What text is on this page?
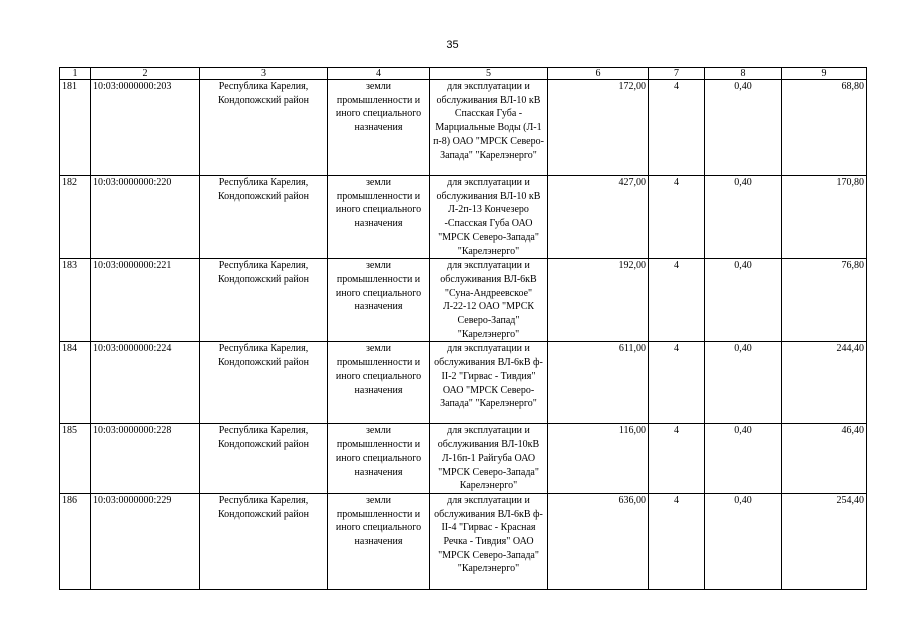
35
1	2	3	4	5	6	7	8	9
181	10:03:0000000:203	Республика Карелия, Кондопожский район	земли промышленности и иного специального назначения	для эксплуатации и обслуживания ВЛ-10 кВ Спасская Губа - Марциальные Воды (Л-1 п-8) ОАО "МРСК Северо-Запада" "Карелэнерго"	172,00	4	0,40	68,80
182	10:03:0000000:220	Республика Карелия, Кондопожский район	земли промышленности и иного специального назначения	для эксплуатации и обслуживания ВЛ-10 кВ Л-2п-13 Кончезеро -Спасская Губа ОАО "МРСК Северо-Запада" "Карелэнерго"	427,00	4	0,40	170,80
183	10:03:0000000:221	Республика Карелия, Кондопожский район	земли промышленности и иного специального назначения	для эксплуатации и обслуживания ВЛ-6кВ "Суна-Андреевское" Л-22-12 ОАО "МРСК Северо-Запад" "Карелэнерго"	192,00	4	0,40	76,80
184	10:03:0000000:224	Республика Карелия, Кондопожский район	земли промышленности и иного специального назначения	для эксплуатации и обслуживания ВЛ-6кВ ф-II-2 "Гирвас - Тивдия" ОАО "МРСК Северо-Запада" "Карелэнерго"	611,00	4	0,40	244,40
185	10:03:0000000:228	Республика Карелия, Кондопожский район	земли промышленности и иного специального назначения	для эксплуатации и обслуживания ВЛ-10кВ Л-16п-1 Райгуба ОАО "МРСК Северо-Запада" Карелэнерго"	116,00	4	0,40	46,40
186	10:03:0000000:229	Республика Карелия, Кондопожский район	земли промышленности и иного специального назначения	для эксплуатации и обслуживания ВЛ-6кВ ф-II-4 "Гирвас - Красная Речка - Тивдия" ОАО "МРСК Северо-Запада" "Карелэнерго"	636,00	4	0,40	254,40
